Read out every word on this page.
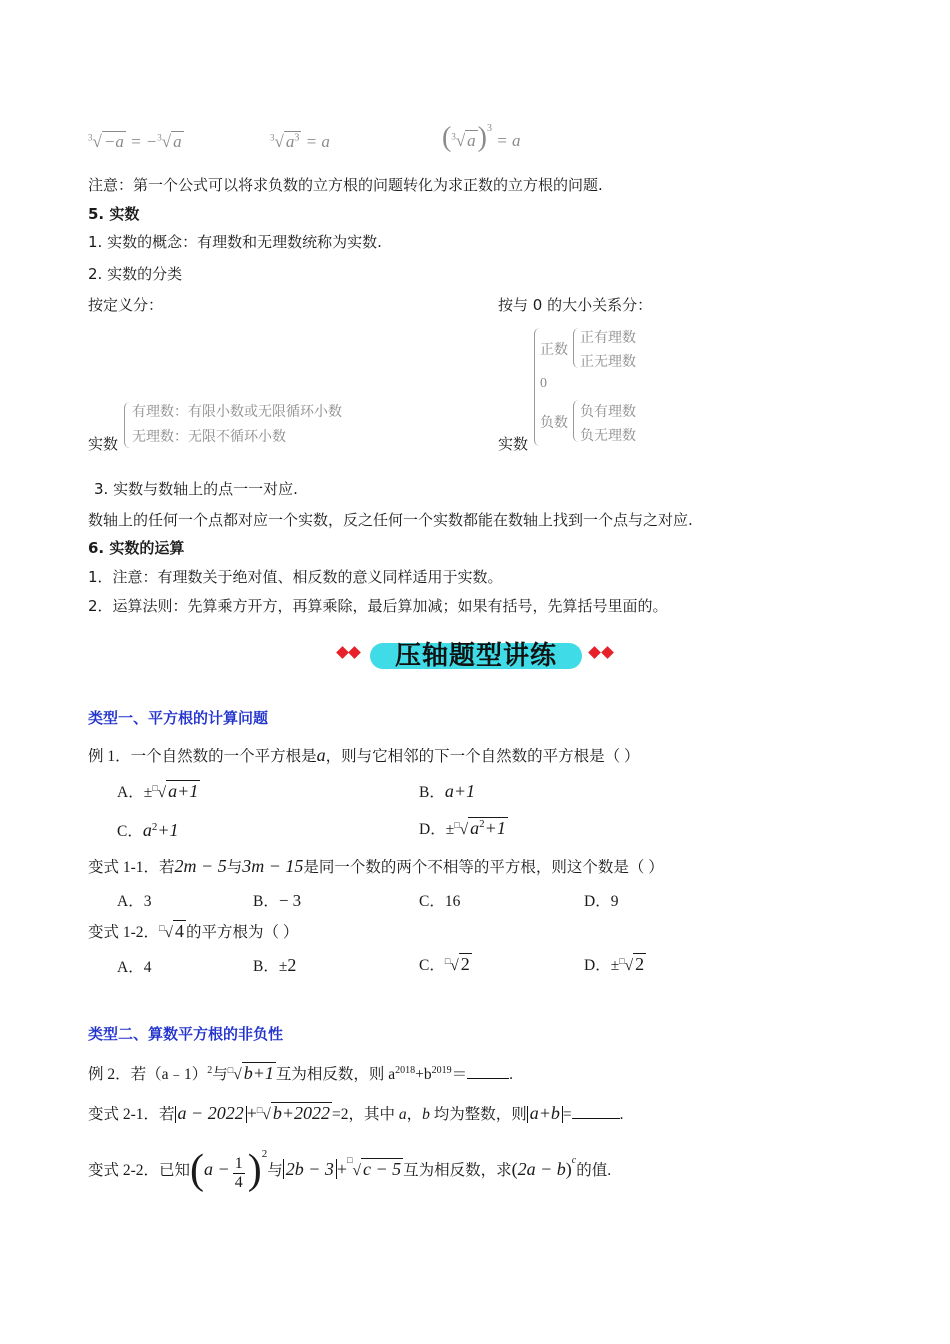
$^3$√ −a = −$^3$√ a	$^3$√ $a^3 = a$	($^3$√ a)$^3$ = a
注意：第一个公式可以将求负数的立方根的问题转化为求正数的立方根的问题.
5. 实数
1. 实数的概念：有理数和无理数统称为实数.
2. 实数的分类
按定义分：	按与 0 的大小关系分：
实数
有理数：有限小数或无限循环小数
无理数：无限不循环小数	实数
正数
正有理数
正无理数
0
负数
负有理数
负无理数
3. 实数与数轴上的点一一对应.
数轴上的任何一个点都对应一个实数，反之任何一个实数都能在数轴上找到一个点与之对应.
6. 实数的运算
1．注意：有理数关于绝对值、相反数的意义同样适用于实数。
2．运算法则：先算乘方开方，再算乘除，最后算加减；如果有括号，先算括号里面的。
压轴题型讲练
类型一、平方根的计算问题
例 1．一个自然数的一个平方根是a，则与它相邻的下一个自然数的平方根是（ ）
A．±□√ a+1	B．a+1
C．$a^2+1$	D．±□√ $a^2+1$
变式 1-1．若2m − 5与3m − 15是同一个数的两个不相等的平方根，则这个数是（ ）
A．3	B．− 3	C．16	D．9
变式 1-2．□√ 4 的平方根为（ ）
A．4	B．±2	C．□√ 2	D．±□√ 2
类型二、算数平方根的非负性
例 2．若（a﹣1）$^2$与□√ b+1 互为相反数，则 $a^{2018}+b^{2019}=$	.
变式 2-1．若 a − 2022 +□√ b+2022 =2，其中 a，b 均为整数，则 a+b =	.
变式 2-2．已知$(a - \frac{1}{4} )^2$与 2b − 3 +□√ c − 5 互为相反数，求$(2a - b)^c$的值.
